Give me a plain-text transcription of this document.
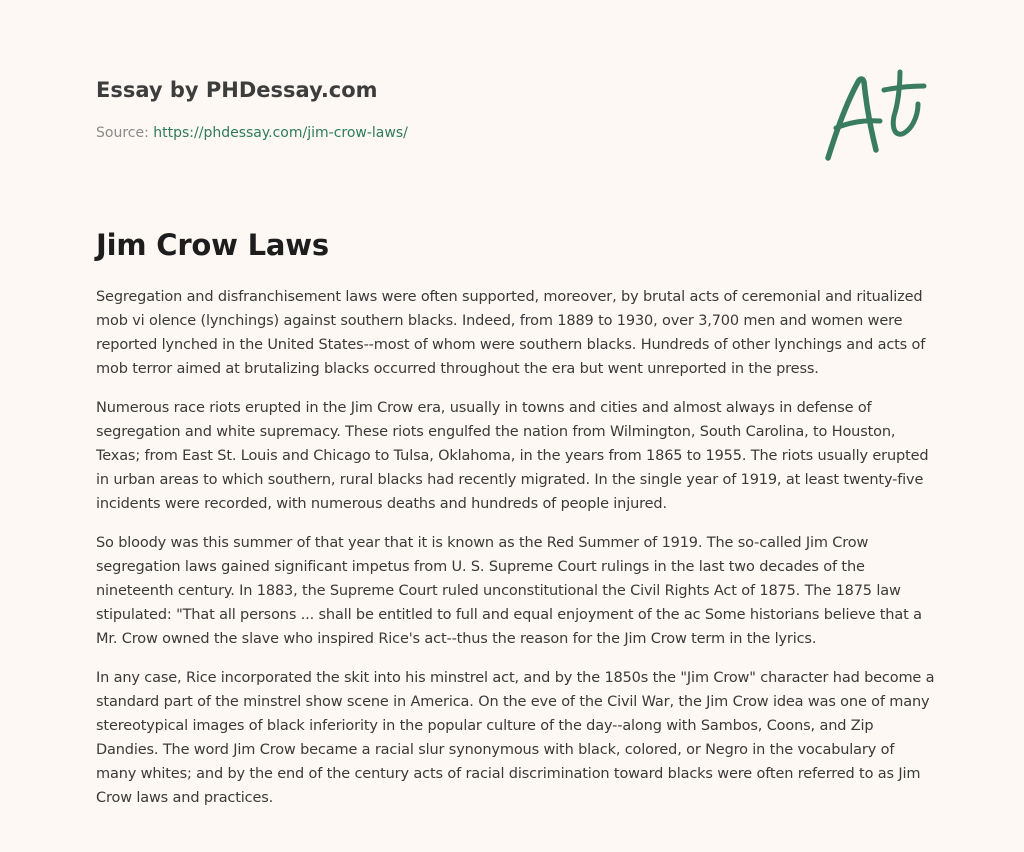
Essay by PHDessay.com
Source: https://phdessay.com/jim-crow-laws/
Jim Crow Laws

Segregation and disfranchisement laws were often supported, moreover, by brutal acts of ceremonial and ritualized mob vi olence (lynchings) against southern blacks. Indeed, from 1889 to 1930, over 3,700 men and women were reported lynched in the United States--most of whom were southern blacks. Hundreds of other lynchings and acts of mob terror aimed at brutalizing blacks occurred throughout the era but went unreported in the press.

Numerous race riots erupted in the Jim Crow era, usually in towns and cities and almost always in defense of segregation and white supremacy. These riots engulfed the nation from Wilmington, South Carolina, to Houston, Texas; from East St. Louis and Chicago to Tulsa, Oklahoma, in the years from 1865 to 1955. The riots usually erupted in urban areas to which southern, rural blacks had recently migrated. In the single year of 1919, at least twenty-five incidents were recorded, with numerous deaths and hundreds of people injured.

So bloody was this summer of that year that it is known as the Red Summer of 1919. The so-called Jim Crow segregation laws gained significant impetus from U. S. Supreme Court rulings in the last two decades of the nineteenth century. In 1883, the Supreme Court ruled unconstitutional the Civil Rights Act of 1875. The 1875 law stipulated: "That all persons ... shall be entitled to full and equal enjoyment of the ac Some historians believe that a Mr. Crow owned the slave who inspired Rice's act--thus the reason for the Jim Crow term in the lyrics.

In any case, Rice incorporated the skit into his minstrel act, and by the 1850s the "Jim Crow" character had become a standard part of the minstrel show scene in America. On the eve of the Civil War, the Jim Crow idea was one of many stereotypical images of black inferiority in the popular culture of the day--along with Sambos, Coons, and Zip Dandies. The word Jim Crow became a racial slur synonymous with black, colored, or Negro in the vocabulary of many whites; and by the end of the century acts of racial discrimination toward blacks were often referred to as Jim Crow laws and practices.
